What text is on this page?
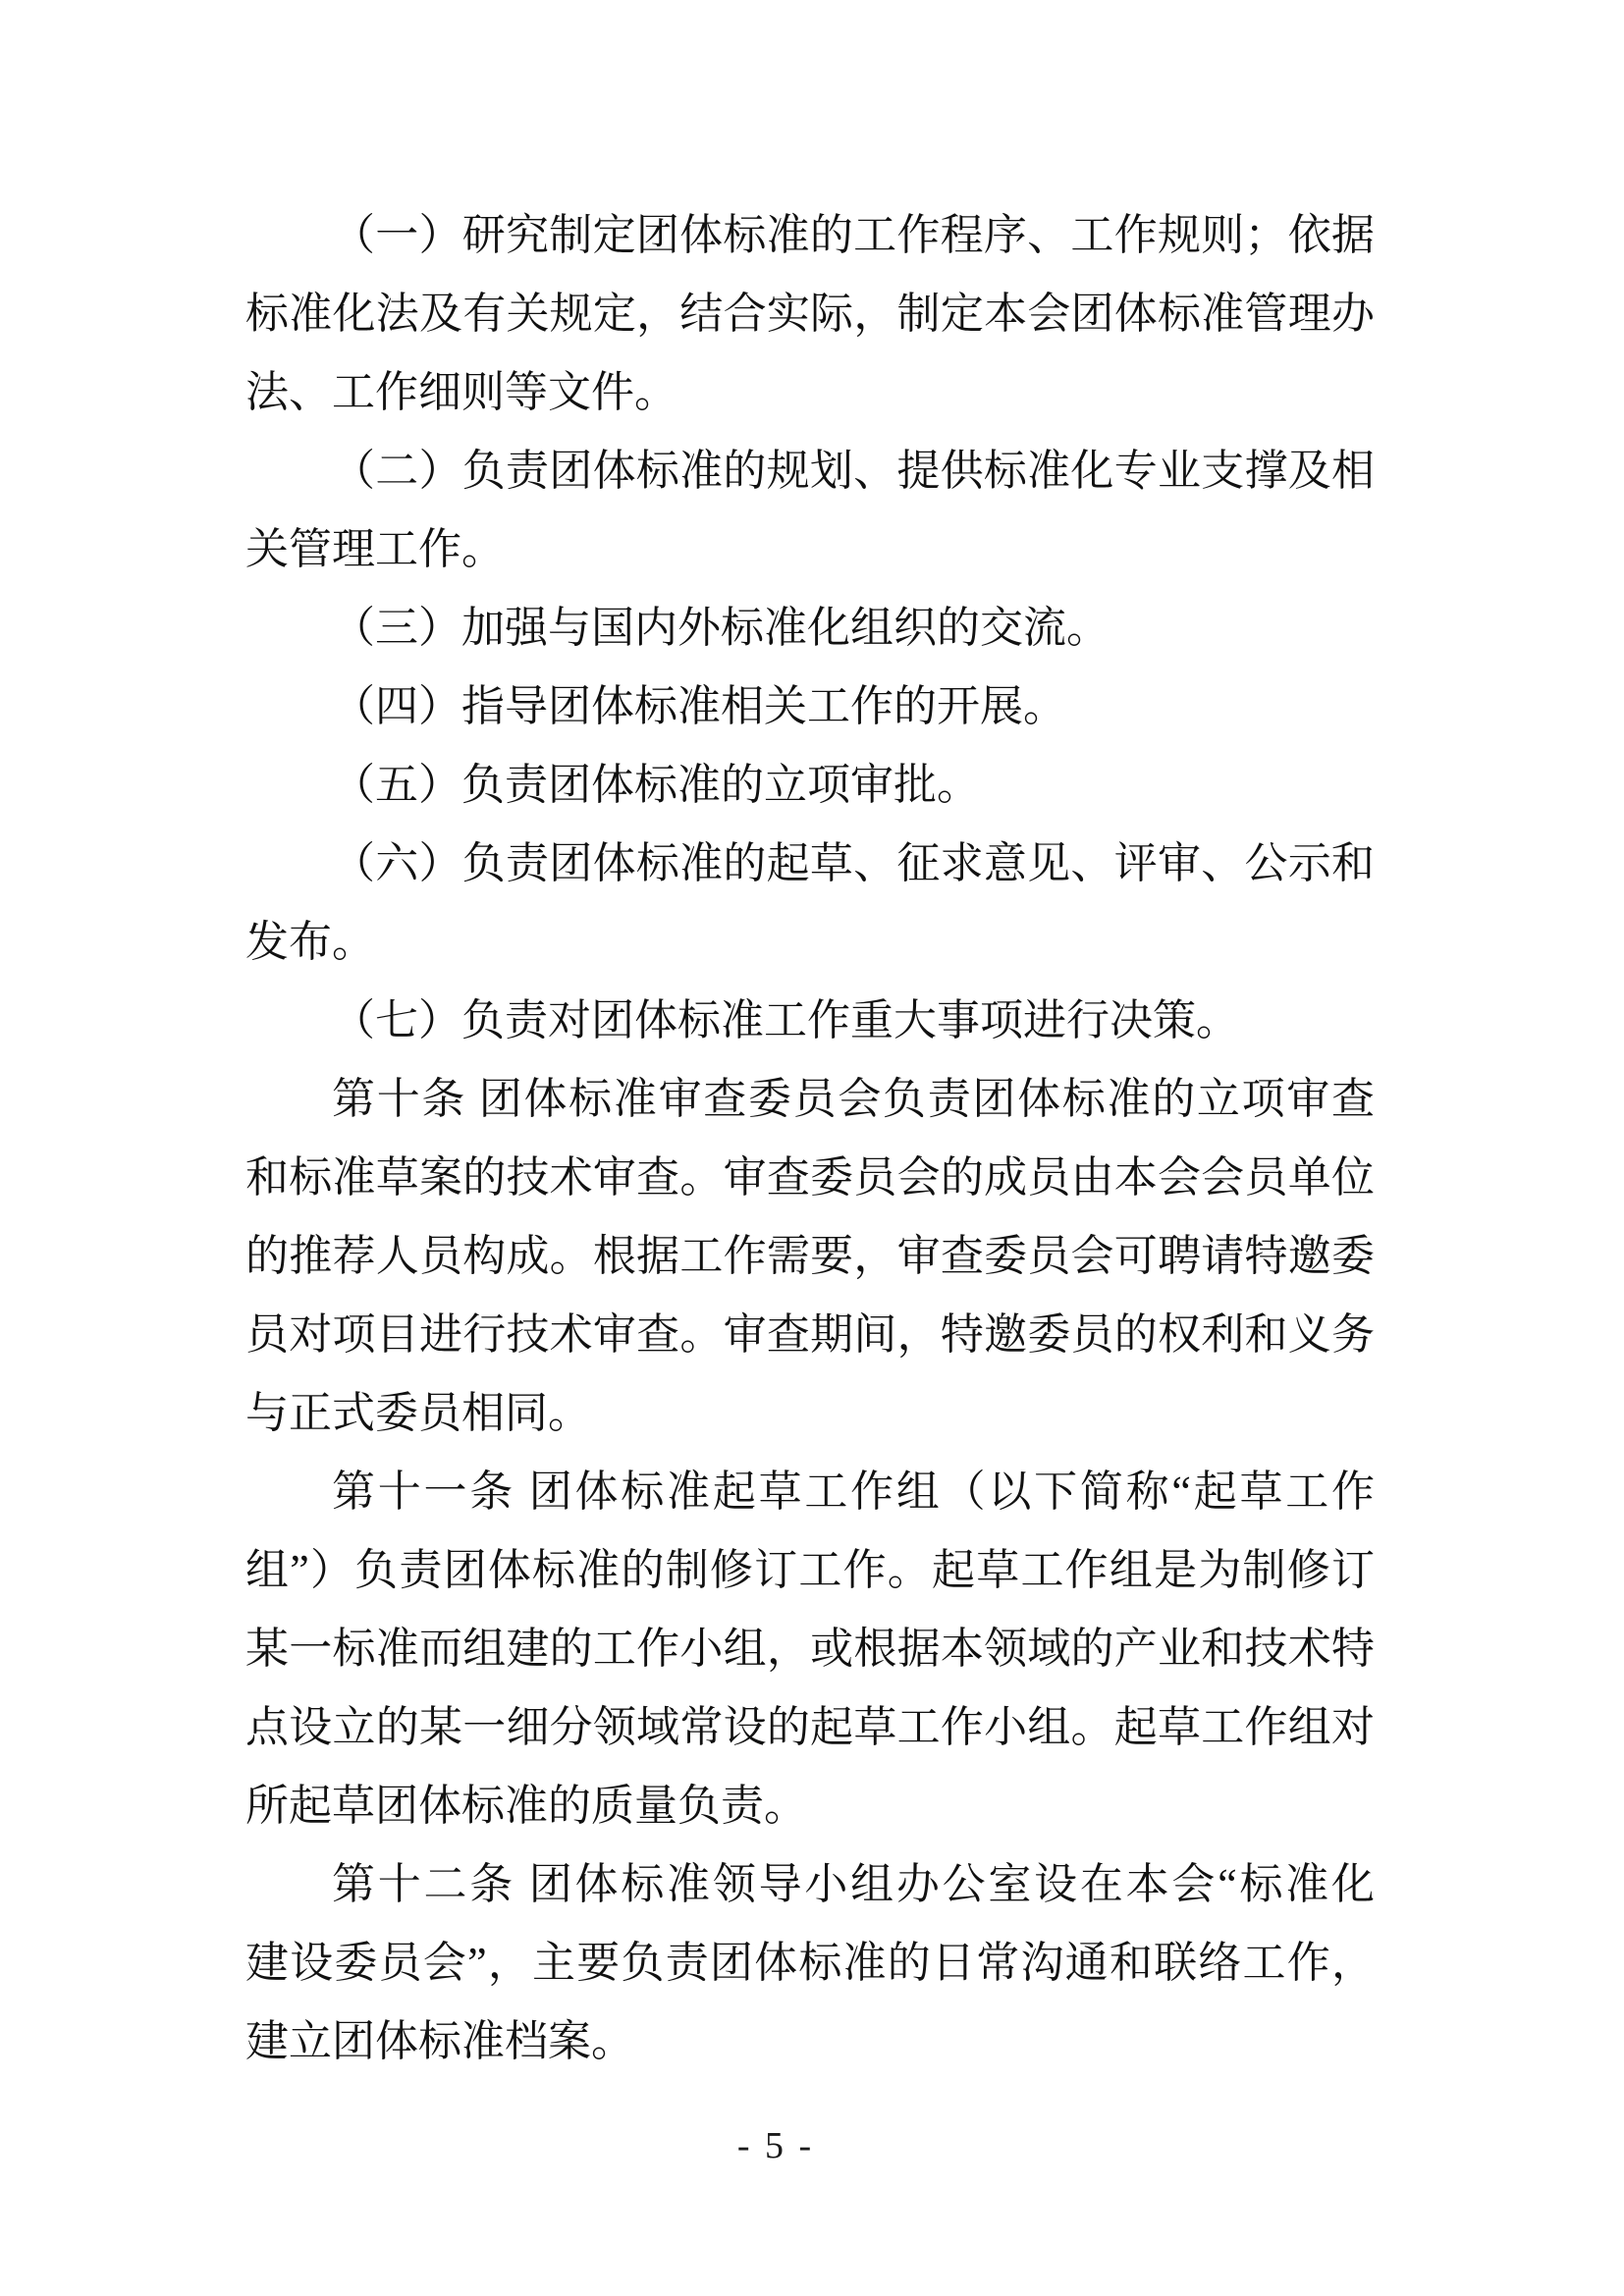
（一）研究制定团体标准的工作程序、工作规则；依据
标准化法及有关规定，结合实际，制定本会团体标准管理办
法、工作细则等文件。
（二）负责团体标准的规划、提供标准化专业支撑及相
关管理工作。
（三）加强与国内外标准化组织的交流。
（四）指导团体标准相关工作的开展。
（五）负责团体标准的立项审批。
（六）负责团体标准的起草、征求意见、评审、公示和
发布。
（七）负责对团体标准工作重大事项进行决策。
第十条 团体标准审查委员会负责团体标准的立项审查
和标准草案的技术审查。审查委员会的成员由本会会员单位
的推荐人员构成。根据工作需要，审查委员会可聘请特邀委
员对项目进行技术审查。审查期间，特邀委员的权利和义务
与正式委员相同。
第十一条 团体标准起草工作组（以下简称“起草工作
组”）负责团体标准的制修订工作。起草工作组是为制修订
某一标准而组建的工作小组，或根据本领域的产业和技术特
点设立的某一细分领域常设的起草工作小组。起草工作组对
所起草团体标准的质量负责。
第十二条 团体标准领导小组办公室设在本会“标准化
建设委员会”，主要负责团体标准的日常沟通和联络工作，
建立团体标准档案。
- 5 -
